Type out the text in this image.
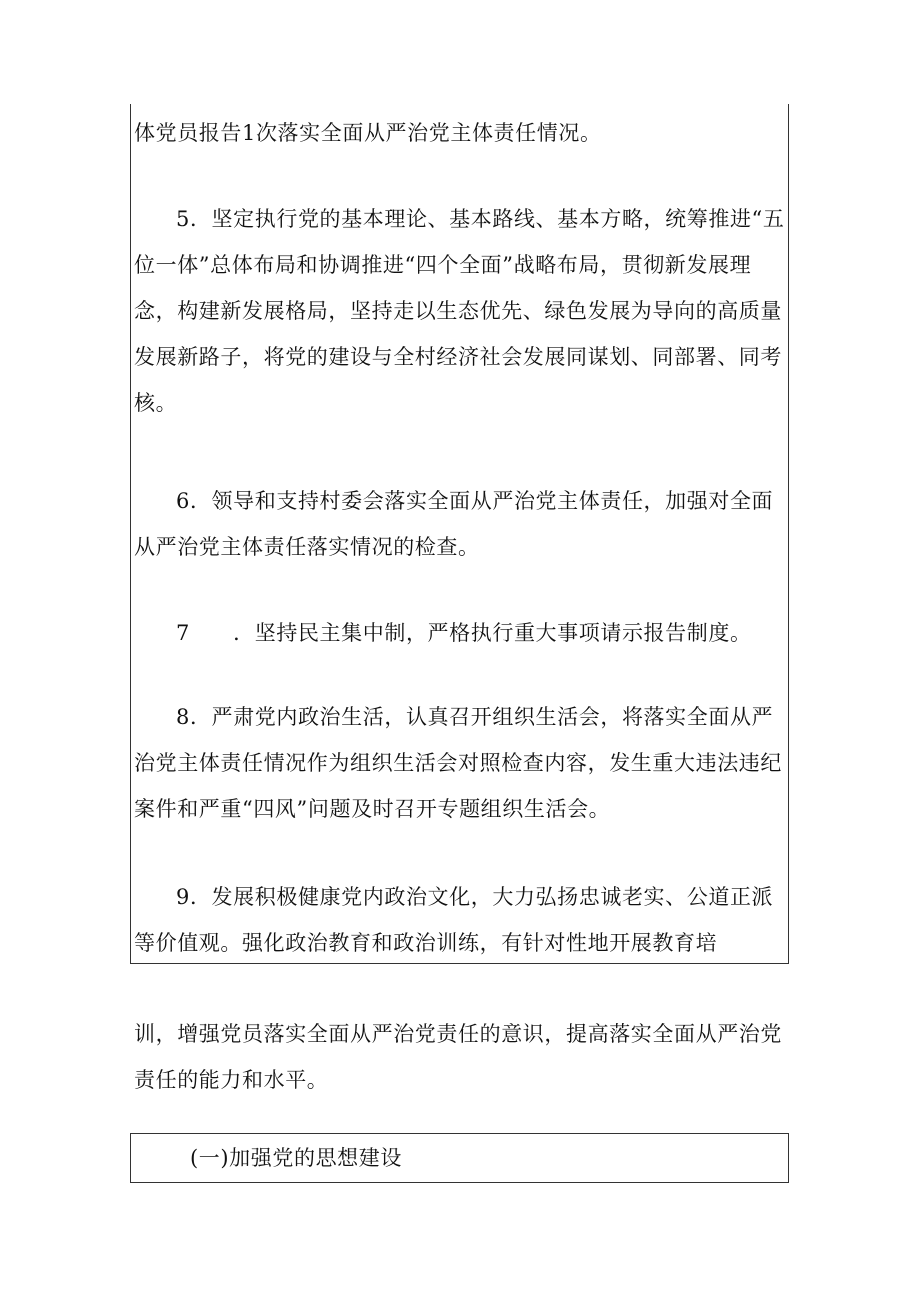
体党员报告1次落实全面从严治党主体责任情况。

5．坚定执行党的基本理论、基本路线、基本方略，统筹推进“五位一体”总体布局和协调推进“四个全面”战略布局，贯彻新发展理念，构建新发展格局，坚持走以生态优先、绿色发展为导向的高质量发展新路子，将党的建设与全村经济社会发展同谋划、同部署、同考核。

6．领导和支持村委会落实全面从严治党主体责任，加强对全面从严治党主体责任落实情况的检查。

7　　．坚持民主集中制，严格执行重大事项请示报告制度。

8．严肃党内政治生活，认真召开组织生活会，将落实全面从严治党主体责任情况作为组织生活会对照检查内容，发生重大违法违纪案件和严重“四风”问题及时召开专题组织生活会。

9．发展积极健康党内政治文化，大力弘扬忠诚老实、公道正派等价值观。强化政治教育和政治训练，有针对性地开展教育培

训，增强党员落实全面从严治党责任的意识，提高落实全面从严治党责任的能力和水平。

(一)加强党的思想建设
